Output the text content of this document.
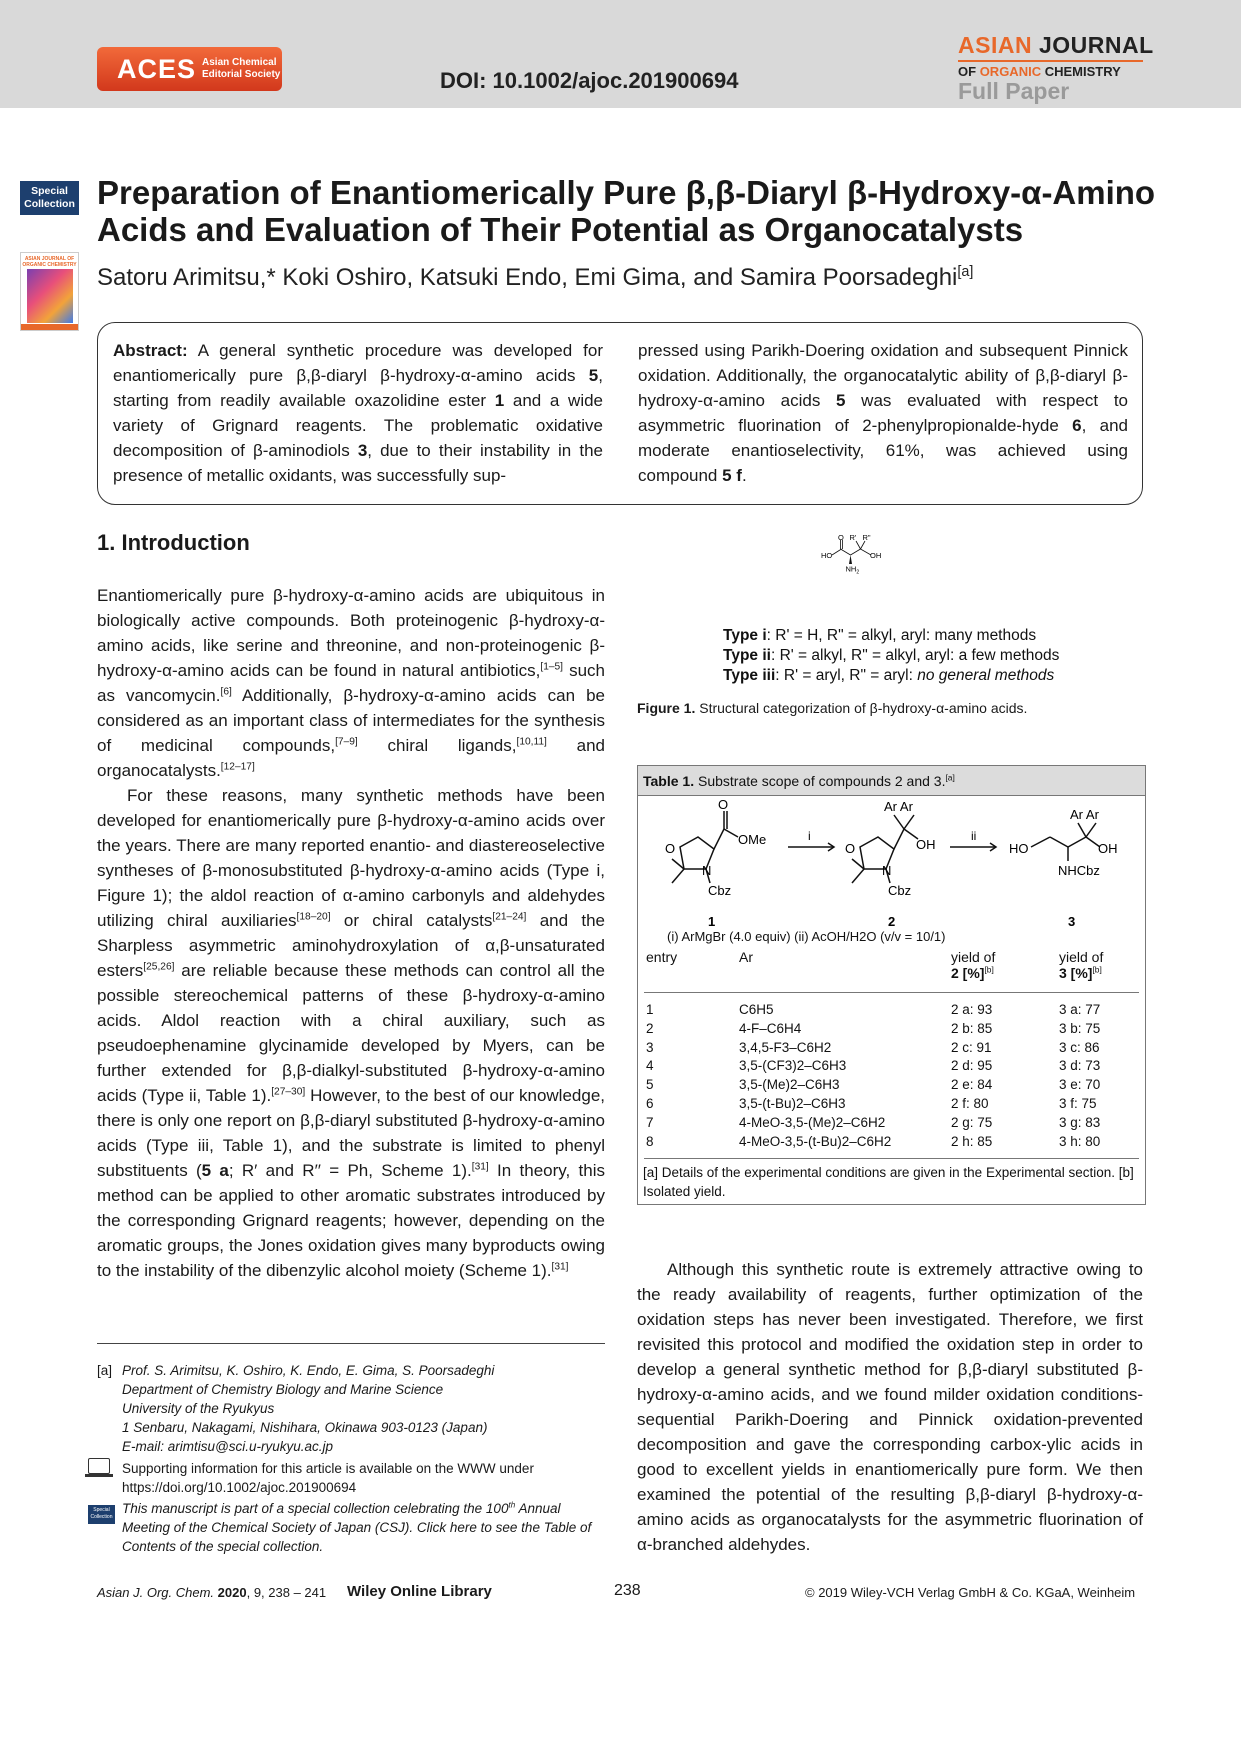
ACES Asian Chemical
Editorial Society	DOI: 10.1002/ajoc.201900694
ASIAN JOURNAL
OF ORGANIC CHEMISTRY
Full Paper
Special
Collection
ASIAN JOURNAL OF ORGANIC CHEMISTRY
Preparation of Enantiomerically Pure β,β-Diaryl β-Hydroxy-α-Amino Acids and Evaluation of Their Potential as Organocatalysts
Satoru Arimitsu,* Koki Oshiro, Katsuki Endo, Emi Gima, and Samira Poorsadeghi[a]

Abstract: A general synthetic procedure was developed for enantiomerically pure β,β-diaryl β-hydroxy-α-amino acids 5, starting from readily available oxazolidine ester 1 and a wide variety of Grignard reagents. The problematic oxidative decomposition of β-aminodiols 3, due to their instability in the presence of metallic oxidants, was successfully sup-

pressed using Parikh-Doering oxidation and subsequent Pinnick oxidation. Additionally, the organocatalytic ability of β,β-diaryl β-hydroxy-α-amino acids 5 was evaluated with respect to asymmetric fluorination of 2-phenylpropionalde-hyde 6, and moderate enantioselectivity, 61%, was achieved using compound 5 f.

1. Introduction

Enantiomerically pure β-hydroxy-α-amino acids are ubiquitous in biologically active compounds. Both proteinogenic β-hydroxy-α-amino acids, like serine and threonine, and non-proteinogenic β-hydroxy-α-amino acids can be found in natural antibiotics,[1–5] such as vancomycin.[6] Additionally, β-hydroxy-α-amino acids can be considered as an important class of intermediates for the synthesis of medicinal compounds,[7–9] chiral ligands,[10,11] and organocatalysts.[12–17]

For these reasons, many synthetic methods have been developed for enantiomerically pure β-hydroxy-α-amino acids over the years. There are many reported enantio- and diastereoselective syntheses of β-monosubstituted β-hydroxy-α-amino acids (Type i, Figure 1); the aldol reaction of α-amino carbonyls and aldehydes utilizing chiral auxiliaries[18–20] or chiral catalysts[21–24] and the Sharpless asymmetric aminohydroxylation of α,β-unsaturated esters[25,26] are reliable because these methods can control all the possible stereochemical patterns of these β-hydroxy-α-amino acids. Aldol reaction with a chiral auxiliary, such as pseudoephenamine glycinamide developed by Myers, can be further extended for β,β-dialkyl-substituted β-hydroxy-α-amino acids (Type ii, Table 1).[27–30] However, to the best of our knowledge, there is only one report on β,β-diaryl substituted β-hydroxy-α-amino acids (Type iii, Table 1), and the substrate is limited to phenyl substituents (5 a; R′ and R′′ = Ph, Scheme 1).[31] In theory, this method can be applied to other aromatic substrates introduced by the corresponding Grignard reagents; however, depending on the aromatic groups, the Jones oxidation gives many byproducts owing to the instability of the dibenzylic alcohol moiety (Scheme 1).[31]

O
HO	OH
$NH_2$
R' R"
Type i: R' = H, R" = alkyl, aryl: many methods
Type ii: R' = alkyl, R" = alkyl, aryl: a few methods
Type iii: R' = aryl, R" = aryl: no general methods
Figure 1. Structural categorization of β-hydroxy-α-amino acids.
Table 1. Substrate scope of compounds 2 and 3.[a]
O
OMe
O
N
Cbz
1
i
Ar Ar
OH
O
N
Cbz
2
ii
Ar Ar
HO	OH
NHCbz
3
(i) ArMgBr (4.0 equiv) (ii) AcOH/H2O (v/v = 10/1)
entry	Ar	yield of
2 [%][b]
yield of
3 [%][b]
1	C6H5	2 a: 93	3 a: 77
2	4-F–C6H4	2 b: 85	3 b: 75
3	3,4,5-F3–C6H2	2 c: 91	3 c: 86
4	3,5-(CF3)2–C6H3	2 d: 95	3 d: 73
5	3,5-(Me)2–C6H3	2 e: 84	3 e: 70
6	3,5-(t-Bu)2–C6H3	2 f: 80	3 f: 75
7	4-MeO-3,5-(Me)2–C6H2	2 g: 75	3 g: 83
8	4-MeO-3,5-(t-Bu)2–C6H2	2 h: 85	3 h: 80
[a] Details of the experimental conditions are given in the Experimental section. [b] Isolated yield.
Although this synthetic route is extremely attractive owing to the ready availability of reagents, further optimization of the oxidation steps has never been investigated. Therefore, we first revisited this protocol and modified the oxidation step in order to develop a general synthetic method for β,β-diaryl substituted β-hydroxy-α-amino acids, and we found milder oxidation conditions-sequential Parikh-Doering and Pinnick oxidation-prevented decomposition and gave the corresponding carbox-ylic acids in good to excellent yields in enantiomerically pure form. We then examined the potential of the resulting β,β-diaryl β-hydroxy-α-amino acids as organocatalysts for the asymmetric fluorination of α-branched aldehydes.
[a] Prof. S. Arimitsu, K. Oshiro, K. Endo, E. Gima, S. Poorsadeghi
Department of Chemistry Biology and Marine Science
University of the Ryukyus
1 Senbaru, Nakagami, Nishihara, Okinawa 903-0123 (Japan)
E-mail: arimtisu@sci.u-ryukyu.ac.jp
Supporting information for this article is available on the WWW under
https://doi.org/10.1002/ajoc.201900694
Special Collection
This manuscript is part of a special collection celebrating the 100th Annual Meeting of the Chemical Society of Japan (CSJ). Click here to see the Table of Contents of the special collection.
Asian J. Org. Chem. 2020, 9, 238 – 241 Wiley Online Library	238	© 2019 Wiley-VCH Verlag GmbH & Co. KGaA, Weinheim
